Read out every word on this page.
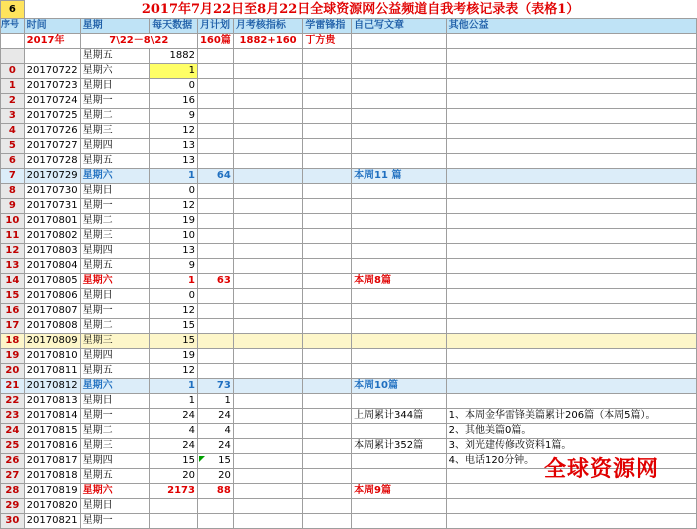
6	2017年7月22日至8月22日全球资源网公益频道自我考核记录表（表格1）							
序号	时间	星期	每天数据	月计划	月考核指标	学雷锋指	自己写文章	其他公益
	2017年	7\22－8\22		160篇	1882+160	丁方贵		
		星期五	1882					
0	20170722	星期六	1					
1	20170723	星期日	0					
2	20170724	星期一	16					
3	20170725	星期二	9					
4	20170726	星期三	12					
5	20170727	星期四	13					
6	20170728	星期五	13					
7	20170729	星期六	1	64			本周11 篇	
8	20170730	星期日	0					
9	20170731	星期一	12					
10	20170801	星期二	19					
11	20170802	星期三	10					
12	20170803	星期四	13					
13	20170804	星期五	9					
14	20170805	星期六	1	63			本周8篇	
15	20170806	星期日	0					
16	20170807	星期一	12					
17	20170808	星期二	15					
18	20170809	星期三	15					
19	20170810	星期四	19					
20	20170811	星期五	12					
21	20170812	星期六	1	73			本周10篇	
22	20170813	星期日	1	1				
23	20170814	星期一	24	24			上周累计344篇	1、本周金华雷锋美篇累计206篇（本周5篇）。
24	20170815	星期二	4	4				2、其他美篇0篇。
25	20170816	星期三	24	24			本周累计352篇	3、刘光建传修改资料1篇。
26	20170817	星期四	15	15				4、电话120分钟。
27	20170818	星期五	20	20				
28	20170819	星期六	2173	88			本周9篇	
29	20170820	星期日						
30	20170821	星期一						
全球资源网
